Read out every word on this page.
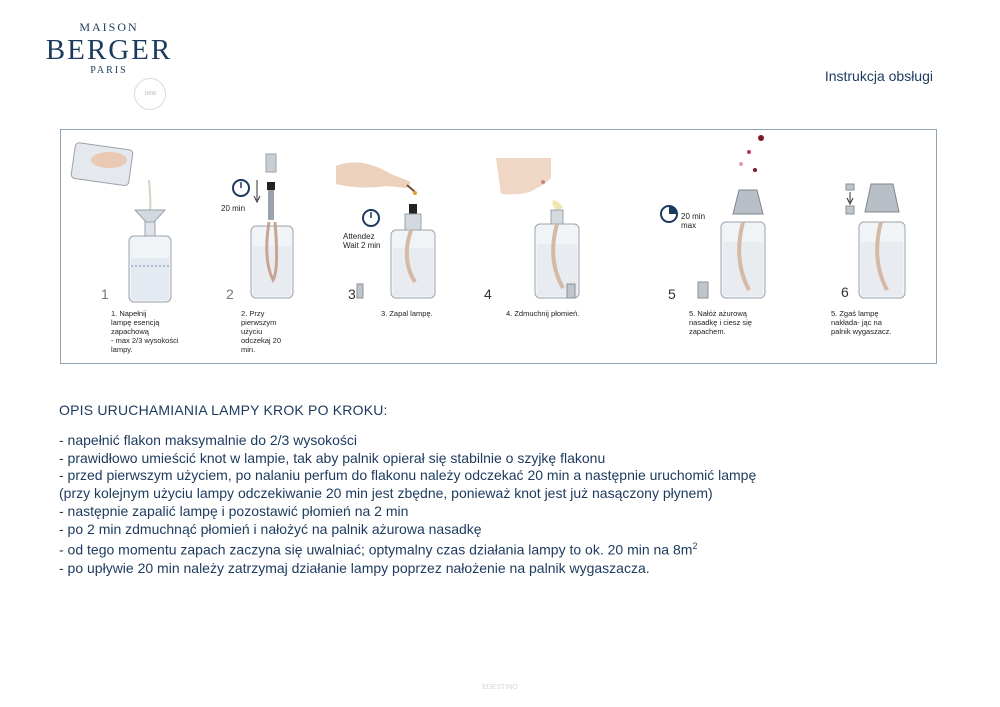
MAISON
BERGER
PARIS
1898
Instrukcja obsługi
1
1. Napełnij
lampę esencją
zapachową
- max 2/3 wysokości
lampy.
20 min
2
2. Przy
pierwszym
użyciu
odczekaj 20
min.
Attendez
Wait 2 min
3
3. Zapal lampę.
4
4. Zdmuchnij płomień.
20 min
max
5
5. Nałóż ażurową
nasadkę i ciesz się
zapachem.
6
5. Zgaś lampę
nakłada- jąc na
palnik wygaszacz.
OPIS URUCHAMIANIA LAMPY KROK PO KROKU:
- napełnić flakon maksymalnie do 2/3 wysokości
- prawidłowo umieścić knot w lampie, tak aby palnik opierał się stabilnie o szyjkę flakonu
- przed pierwszym użyciem, po nalaniu perfum do flakonu należy odczekać 20 min a następnie uruchomić lampę
(przy kolejnym użyciu lampy odczekiwanie 20 min jest zbędne, ponieważ knot jest już nasączony płynem)
- następnie zapalić lampę i pozostawić płomień na 2 min
- po 2 min zdmuchnąć płomień i nałożyć na palnik ażurowa nasadkę
- od tego momentu zapach zaczyna się uwalniać; optymalny czas działania lampy to ok. 20 min na $8m^2$
- po upływie 20 min należy zatrzymaj działanie lampy poprzez nałożenie na palnik wygaszacza.
EDESTINO
